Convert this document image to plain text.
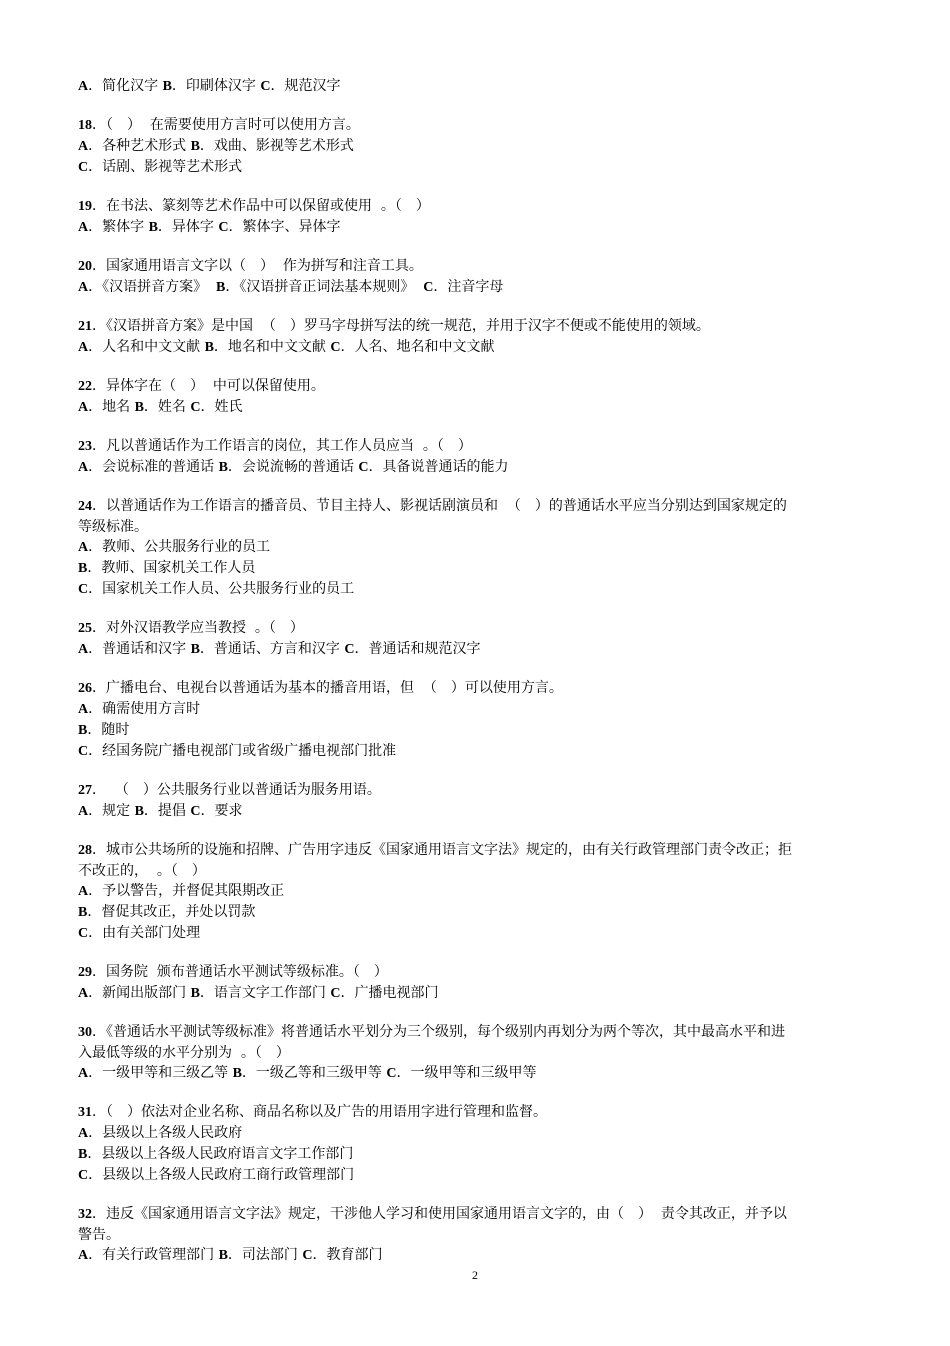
A．简化汉字 B．印刷体汉字 C．规范汉字
18．（　）  在需要使用方言时可以使用方言。
A．各种艺术形式 B．戏曲、影视等艺术形式
C．话剧、影视等艺术形式
19．在书法、篆刻等艺术作品中可以保留或使用  。（　）
A．繁体字 B．异体字 C．繁体字、异体字
20．国家通用语言文字以（　）  作为拼写和注音工具。
A．《汉语拼音方案》  B．《汉语拼音正词法基本规则》  C．注音字母
21．《汉语拼音方案》是中国  （　）罗马字母拼写法的统一规范，并用于汉字不便或不能使用的领域。
A．人名和中文文献 B．地名和中文文献 C．人名、地名和中文文献
22．异体字在（　）  中可以保留使用。
A．地名 B．姓名 C．姓氏
23．凡以普通话作为工作语言的岗位，其工作人员应当  。（　）
A．会说标准的普通话 B．会说流畅的普通话 C．具备说普通话的能力
24．以普通话作为工作语言的播音员、节目主持人、影视话剧演员和  （　）的普通话水平应当分别达到国家规定的
等级标准。
A．教师、公共服务行业的员工
B．教师、国家机关工作人员
C．国家机关工作人员、公共服务行业的员工
25．对外汉语教学应当教授  。（　）
A．普通话和汉字 B．普通话、方言和汉字 C．普通话和规范汉字
26．广播电台、电视台以普通话为基本的播音用语，但  （　）可以使用方言。
A．确需使用方言时
B．随时
C．经国务院广播电视部门或省级广播电视部门批准
27．  （　）公共服务行业以普通话为服务用语。
A．规定 B．提倡 C．要求
28．城市公共场所的设施和招牌、广告用字违反《国家通用语言文字法》规定的，由有关行政管理部门责令改正；拒
不改正的，  。（　）
A．予以警告，并督促其限期改正
B．督促其改正，并处以罚款
C．由有关部门处理
29．国务院  颁布普通话水平测试等级标准。（　）
A．新闻出版部门 B．语言文字工作部门 C．广播电视部门
30．《普通话水平测试等级标准》将普通话水平划分为三个级别，每个级别内再划分为两个等次，其中最高水平和进
入最低等级的水平分别为  。（　）
A．一级甲等和三级乙等 B．一级乙等和三级甲等 C．一级甲等和三级甲等
31．（　）依法对企业名称、商品名称以及广告的用语用字进行管理和监督。
A．县级以上各级人民政府
B．县级以上各级人民政府语言文字工作部门
C．县级以上各级人民政府工商行政管理部门
32．违反《国家通用语言文字法》规定，干涉他人学习和使用国家通用语言文字的，由（　）  责令其改正，并予以
警告。
A．有关行政管理部门 B．司法部门 C．教育部门
2
